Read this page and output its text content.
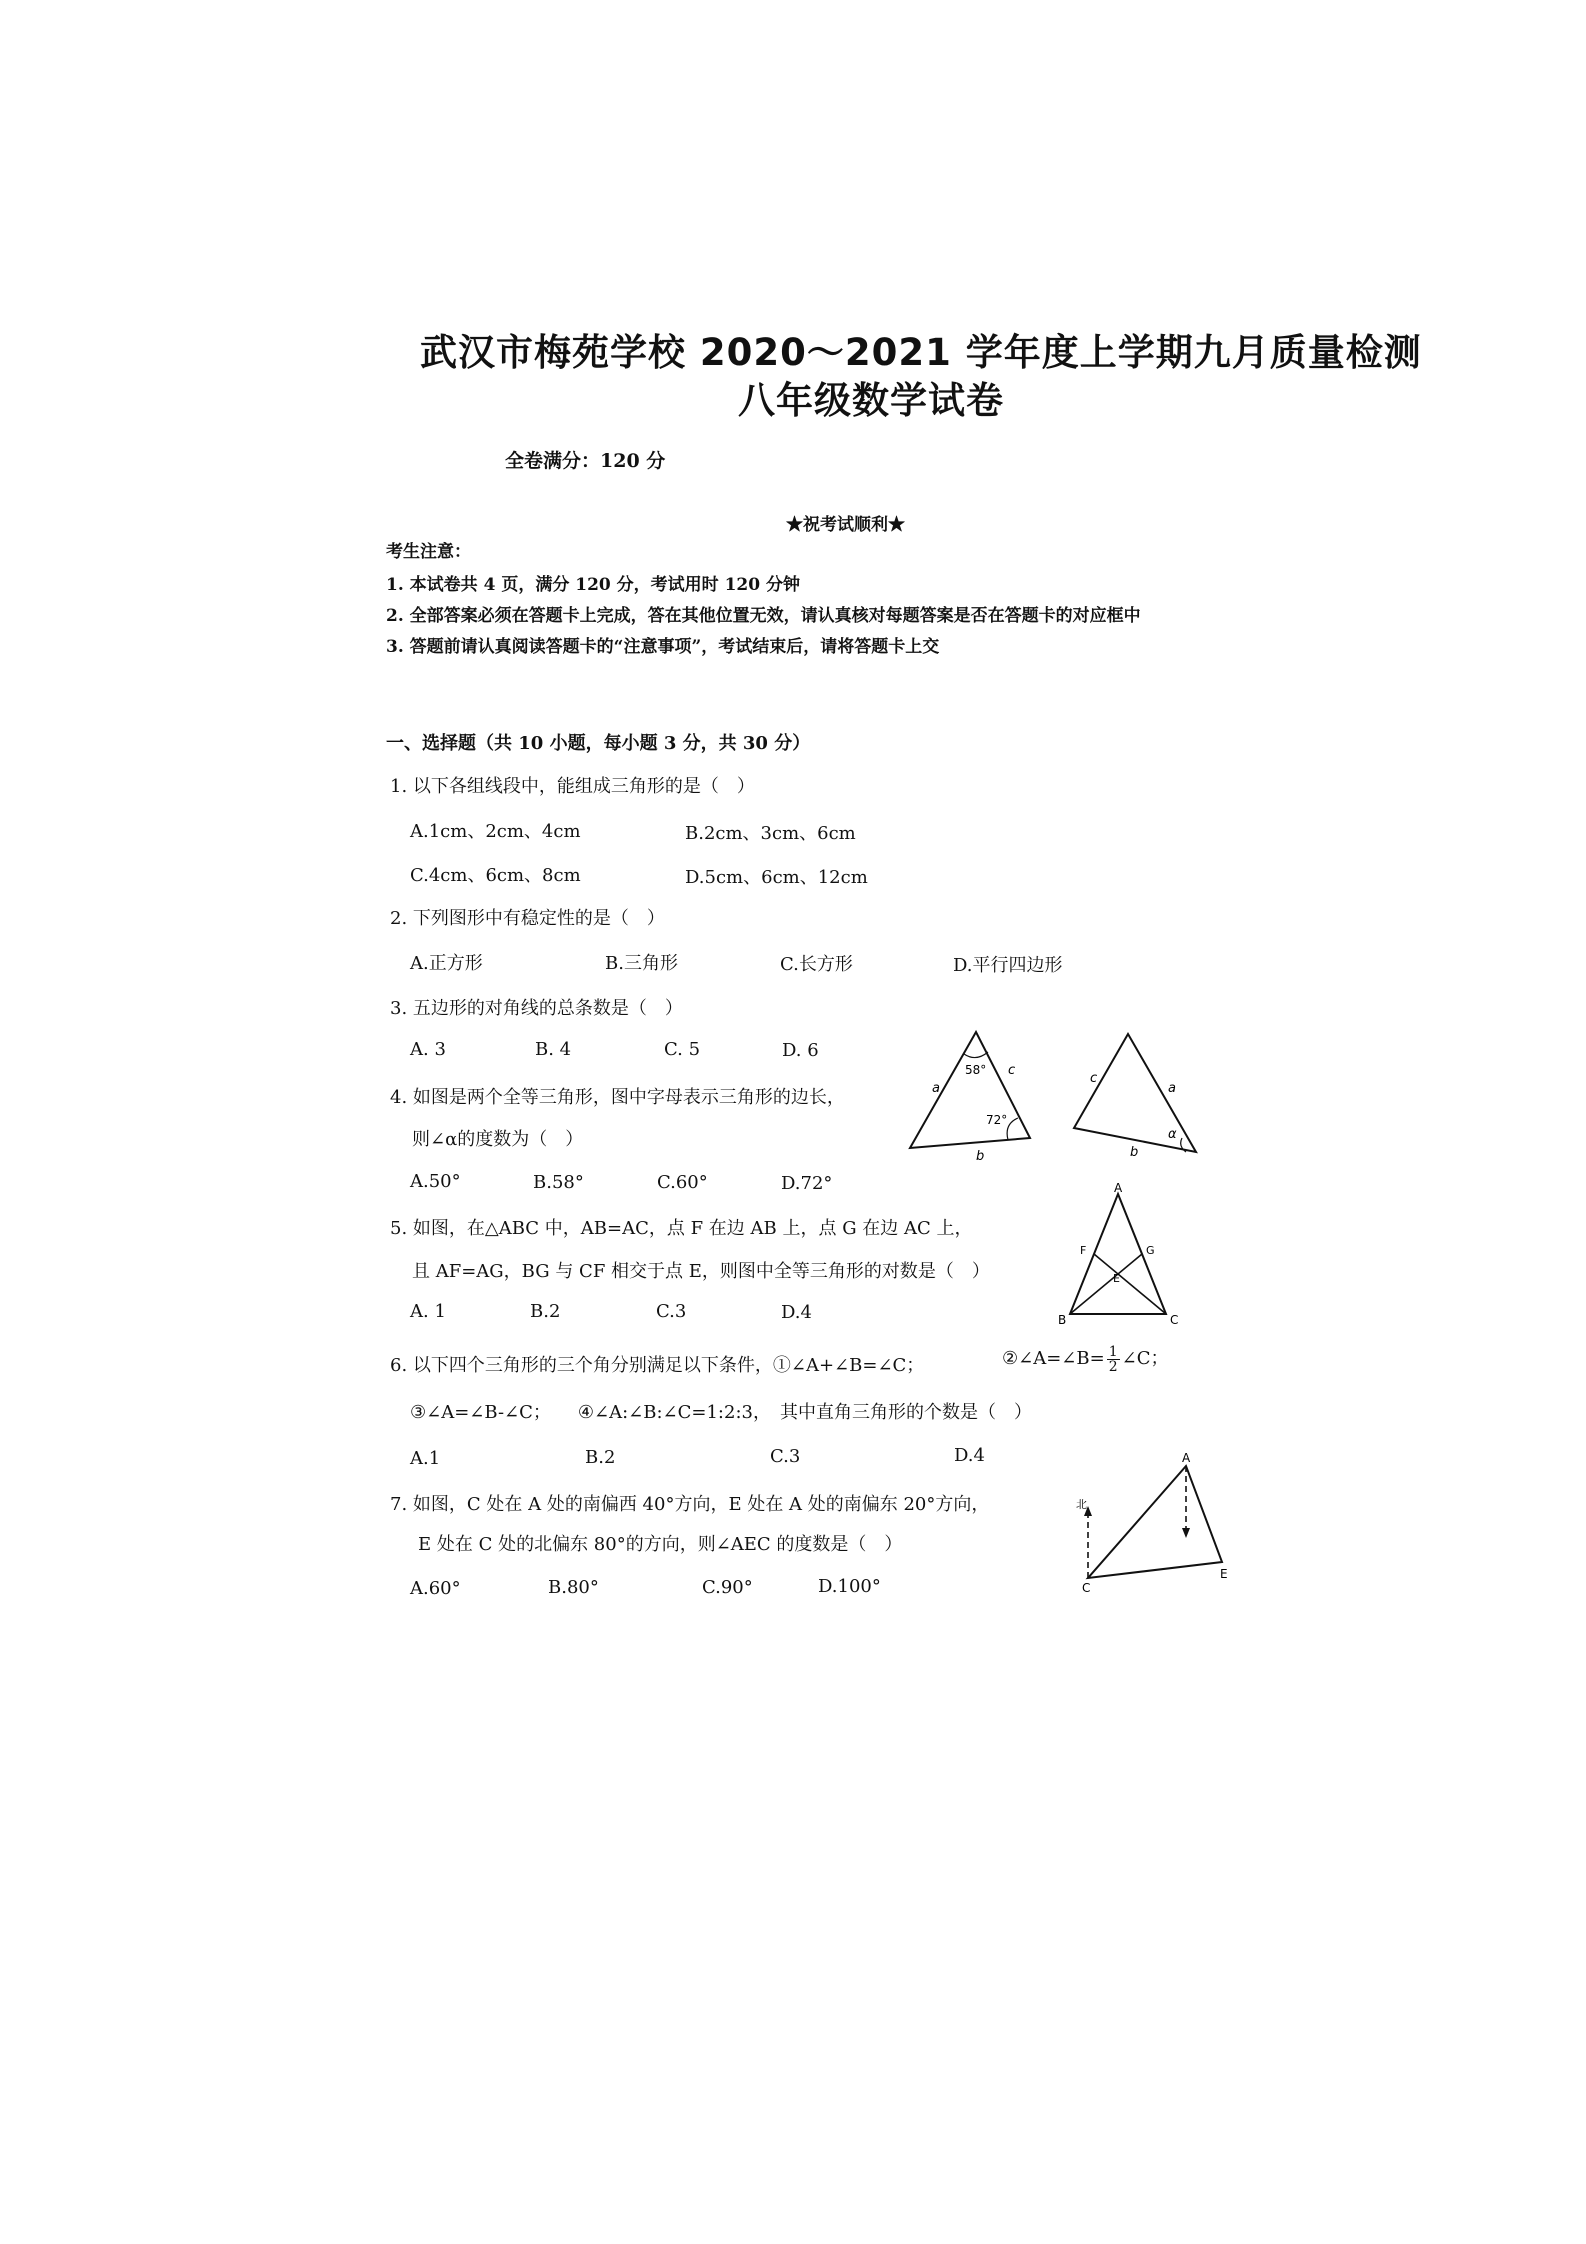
武汉市梅苑学校 2020～2021 学年度上学期九月质量检测
八年级数学试卷
全卷满分：120 分
★祝考试顺利★
考生注意：
1. 本试卷共 4 页，满分 120 分，考试用时 120 分钟
2. 全部答案必须在答题卡上完成，答在其他位置无效，请认真核对每题答案是否在答题卡的对应框中
3. 答题前请认真阅读答题卡的“注意事项”，考试结束后，请将答题卡上交
一、选择题（共 10 小题，每小题 3 分，共 30 分）
1. 以下各组线段中，能组成三角形的是（　）
A.1cm、2cm、4cm	B.2cm、3cm、6cm
C.4cm、6cm、8cm	D.5cm、6cm、12cm
2. 下列图形中有稳定性的是（　）
A.正方形	B.三角形	C.长方形	D.平行四边形
3. 五边形的对角线的总条数是（　）
A. 3	B. 4	C. 5	D. 6
4. 如图是两个全等三角形，图中字母表示三角形的边长，
则∠α的度数为（　）
A.50°	B.58°	C.60°	D.72°
58°
72°
a
c
b
c
a
b
α
5. 如图，在△ABC 中，AB=AC，点 F 在边 AB 上，点 G 在边 AC 上，
且 AF=AG，BG 与 CF 相交于点 E，则图中全等三角形的对数是（　）
A. 1	B.2	C.3	D.4
A
B	C
F	G
E
6. 以下四个三角形的三个角分别满足以下条件，①∠A+∠B=∠C；	②∠A=∠B= $\frac{1}{2}$ ∠C；
③∠A=∠B-∠C；　　④∠A:∠B:∠C=1:2:3，　其中直角三角形的个数是（　）
A.1	B.2	C.3	D.4
7. 如图，C 处在 A 处的南偏西 40°方向，E 处在 A 处的南偏东 20°方向，
E 处在 C 处的北偏东 80°的方向，则∠AEC 的度数是（　）
A.60°	B.80°	C.90°	D.100°
北
A
C
E
